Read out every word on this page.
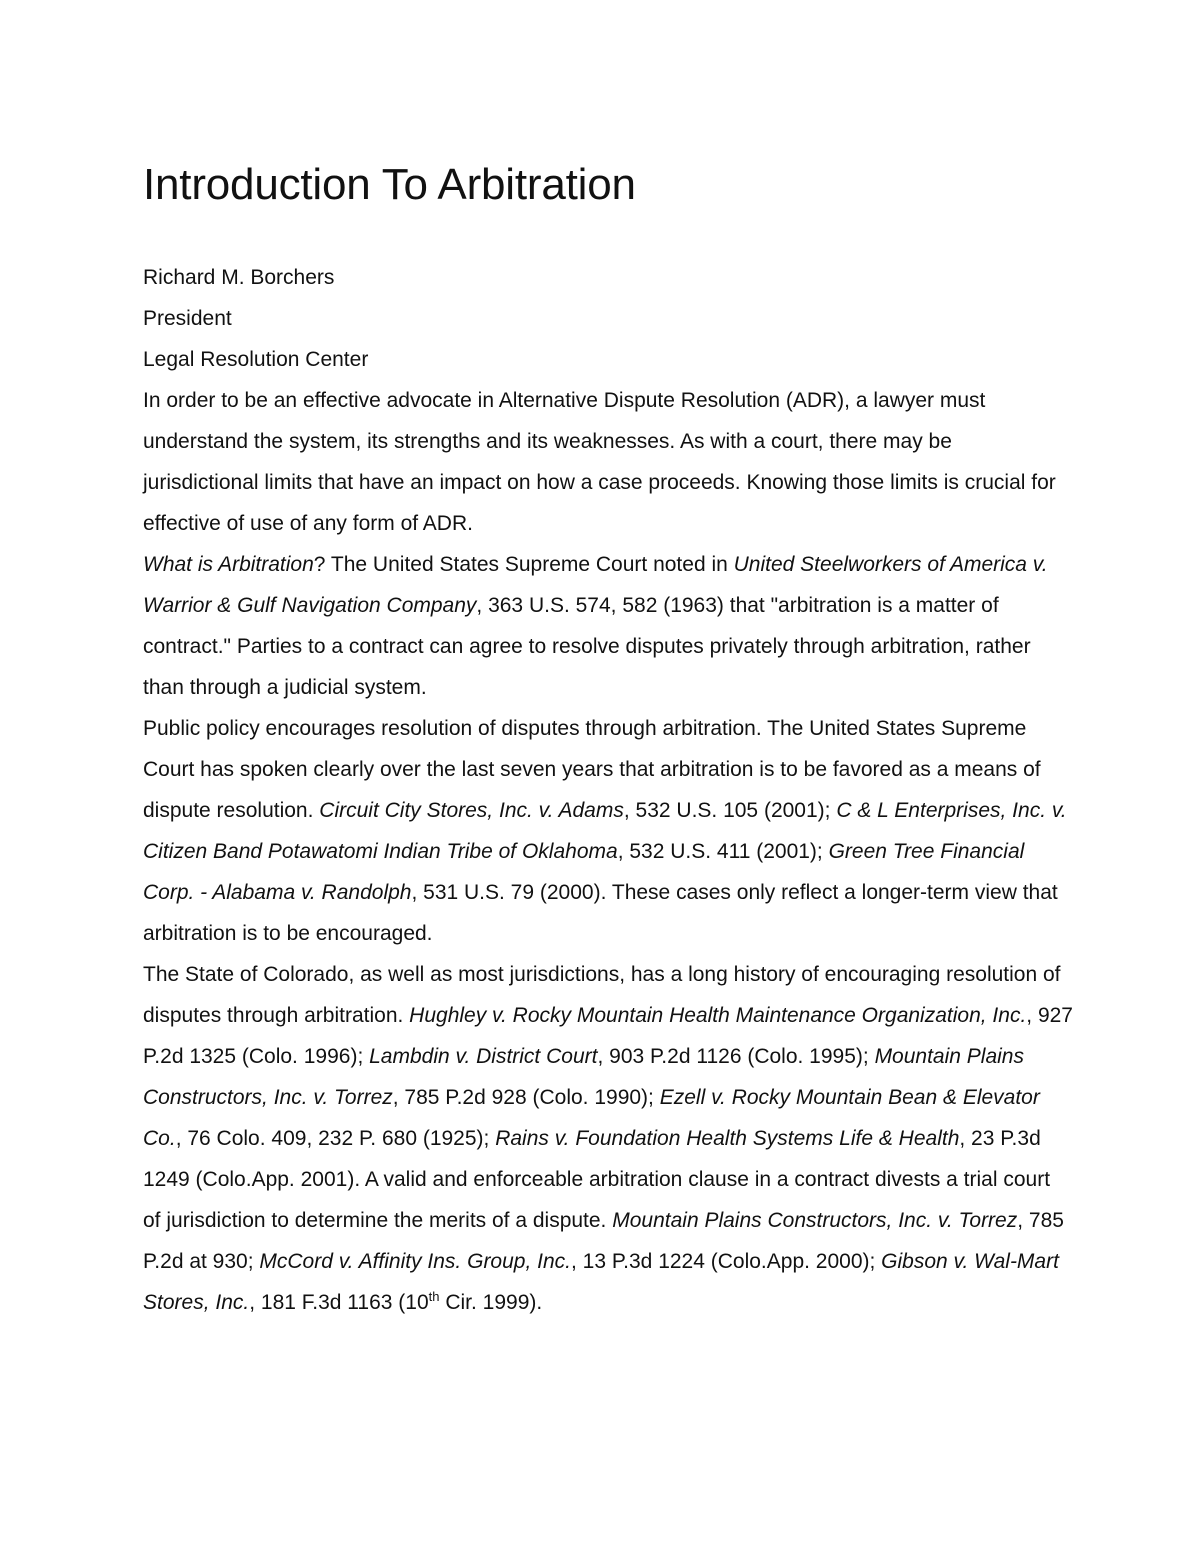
Introduction To Arbitration

Richard M. Borchers

President

Legal Resolution Center

In order to be an effective advocate in Alternative Dispute Resolution (ADR), a lawyer must understand the system, its strengths and its weaknesses. As with a court, there may be jurisdictional limits that have an impact on how a case proceeds. Knowing those limits is crucial for effective of use of any form of ADR.

What is Arbitration? The United States Supreme Court noted in United Steelworkers of America v. Warrior & Gulf Navigation Company, 363 U.S. 574, 582 (1963) that "arbitration is a matter of contract." Parties to a contract can agree to resolve disputes privately through arbitration, rather than through a judicial system.

Public policy encourages resolution of disputes through arbitration. The United States Supreme Court has spoken clearly over the last seven years that arbitration is to be favored as a means of dispute resolution. Circuit City Stores, Inc. v. Adams, 532 U.S. 105 (2001); C & L Enterprises, Inc. v. Citizen Band Potawatomi Indian Tribe of Oklahoma, 532 U.S. 411 (2001); Green Tree Financial Corp. - Alabama v. Randolph, 531 U.S. 79 (2000). These cases only reflect a longer-term view that arbitration is to be encouraged.

The State of Colorado, as well as most jurisdictions, has a long history of encouraging resolution of disputes through arbitration. Hughley v. Rocky Mountain Health Maintenance Organization, Inc., 927 P.2d 1325 (Colo. 1996); Lambdin v. District Court, 903 P.2d 1126 (Colo. 1995); Mountain Plains Constructors, Inc. v. Torrez, 785 P.2d 928 (Colo. 1990); Ezell v. Rocky Mountain Bean & Elevator Co., 76 Colo. 409, 232 P. 680 (1925); Rains v. Foundation Health Systems Life & Health, 23 P.3d 1249 (Colo.App. 2001). A valid and enforceable arbitration clause in a contract divests a trial court of jurisdiction to determine the merits of a dispute. Mountain Plains Constructors, Inc. v. Torrez, 785 P.2d at 930; McCord v. Affinity Ins. Group, Inc., 13 P.3d 1224 (Colo.App. 2000); Gibson v. Wal-Mart Stores, Inc., 181 F.3d 1163 (10th Cir. 1999).
